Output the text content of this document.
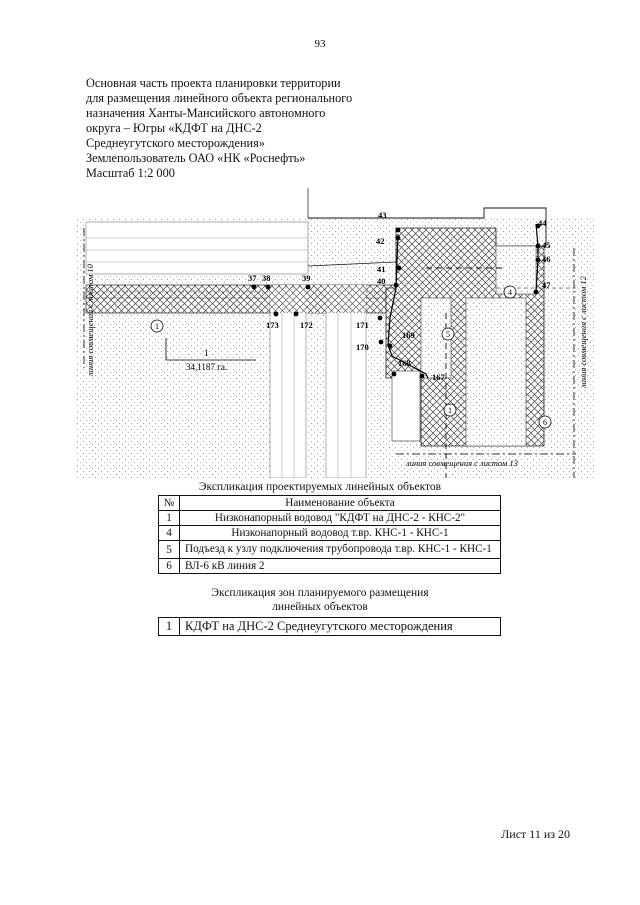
93
Основная часть проекта планировки территории
для размещения линейного объекта регионального
назначения Ханты-Мансийского автономного
округа – Югры «КДФТ на ДНС-2
Среднеугутского месторождения»
Землепользователь ОАО «НК «Роснефть»
Масштаб 1:2 000
1
34,1187 га.
1
1
4
5
6
37 38	39
173	172	171
170
169
168
167
43
42
41
40
44
45
46
47
линия совмещения с листом 10	линия совмещения с листом 12
линия совмещения с листом 13
Экспликация проектируемых линейных объектов
№	Наименование объекта
1	Низконапорный водовод "КДФТ на ДНС-2 - КНС-2"
4	Низконапорный водовод т.вр. КНС-1 - КНС-1
5	Подъезд к узлу подключения трубопровода т.вр. КНС-1 - КНС-1
6	ВЛ-6 кВ линия 2
Экспликация зон планируемого размещения
линейных объектов
1	КДФТ на ДНС-2 Среднеугутского месторождения
Лист 11 из 20
